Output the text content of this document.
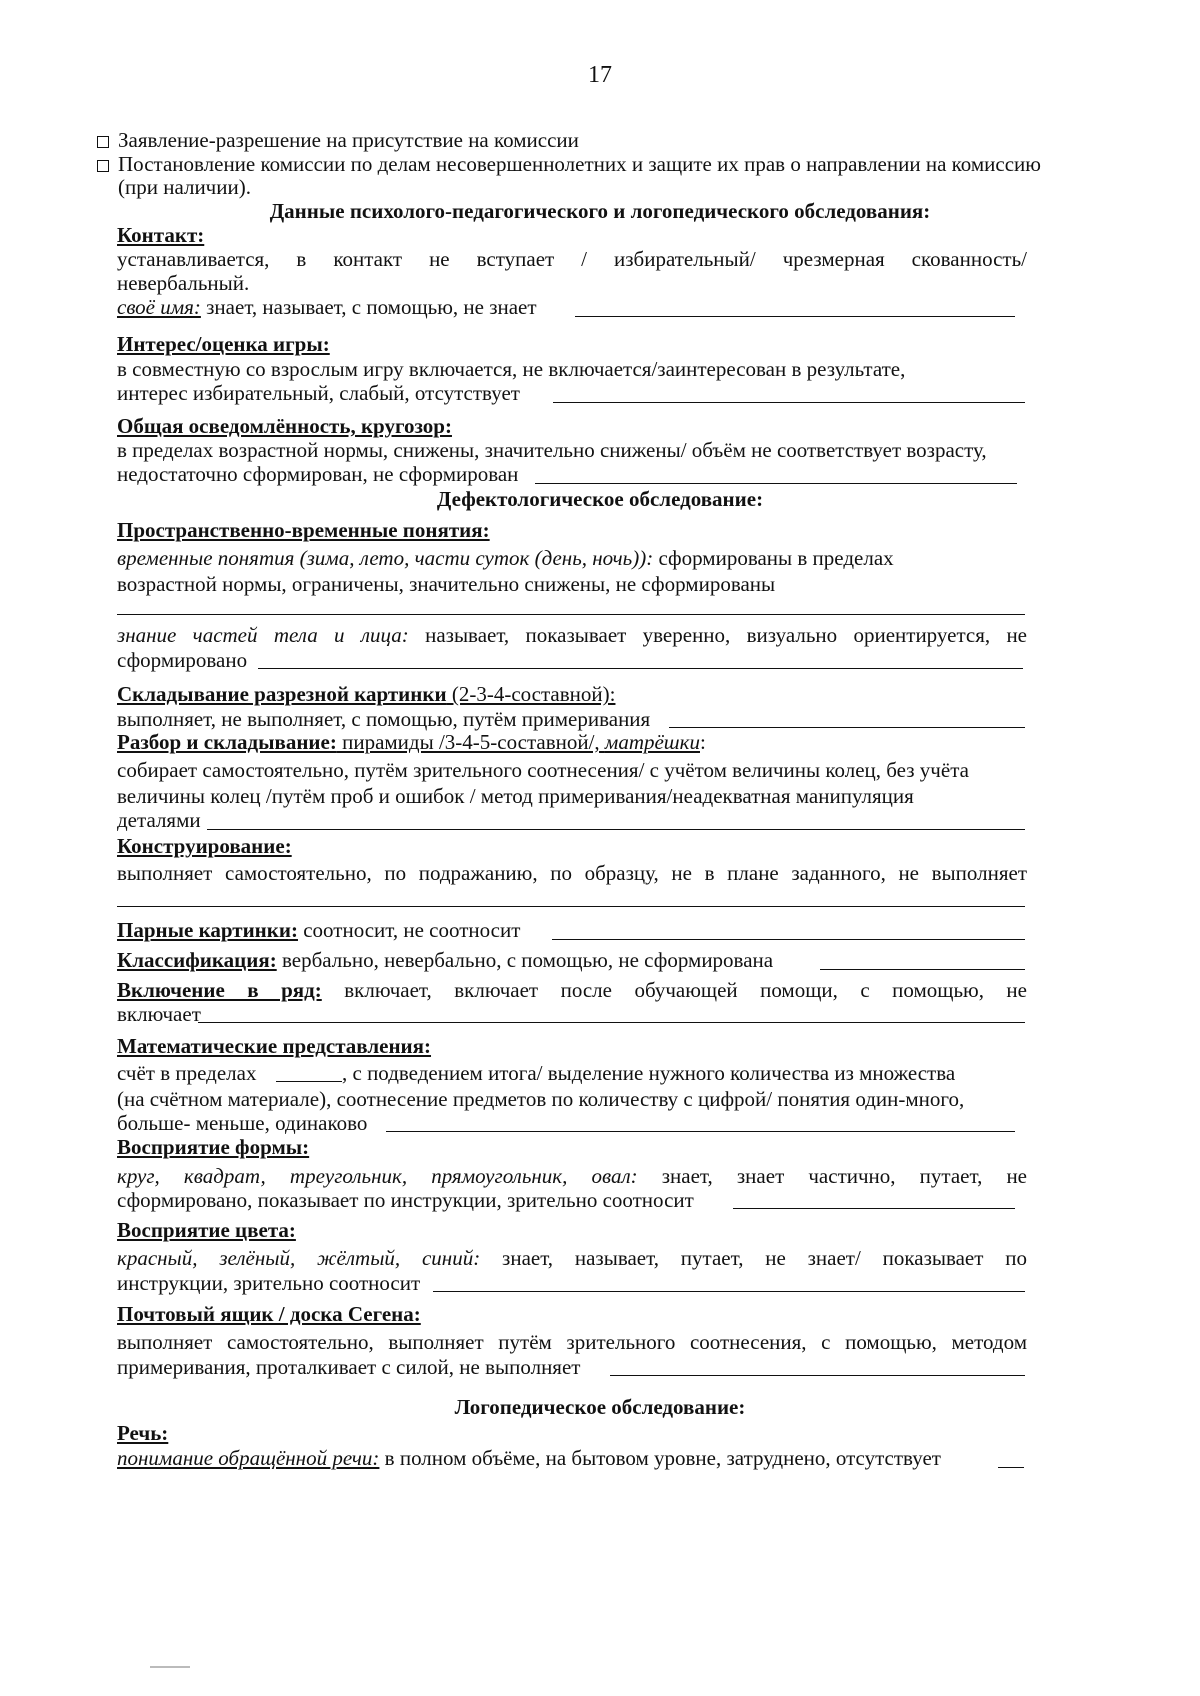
17
Заявление-разрешение на присутствие на комиссии
Постановление комиссии по делам несовершеннолетних и защите их прав о направлении на комиссию
(при наличии).
Данные психолого-педагогического и логопедического обследования:
Контакт:
устанавливается, в контакт не вступает / избирательный/ чрезмерная скованность/
невербальный.
своё имя: знает, называет, с помощью, не знает
Интерес/оценка игры:
в совместную со взрослым игру включается, не включается/заинтересован в результате,
интерес избирательный, слабый, отсутствует
Общая осведомлённость, кругозор:
в пределах возрастной нормы, снижены, значительно снижены/ объём не соответствует возрасту,
недостаточно сформирован, не сформирован
Дефектологическое обследование:
Пространственно-временные понятия:
временные понятия (зима, лето, части суток (день, ночь)): сформированы в пределах
возрастной нормы, ограничены, значительно снижены, не сформированы
знание частей тела и лица: называет, показывает уверенно, визуально ориентируется, не
сформировано
Складывание разрезной картинки (2-3-4-составной):
выполняет, не выполняет, с помощью, путём примеривания
Разбор и складывание: пирамиды /3-4-5-составной/, матрёшки:
собирает самостоятельно, путём зрительного соотнесения/ с учётом величины колец, без учёта
величины колец /путём проб и ошибок / метод примеривания/неадекватная манипуляция
деталями
Конструирование:
выполняет самостоятельно, по подражанию, по образцу, не в плане заданного, не выполняет
Парные картинки: соотносит, не соотносит
Классификация: вербально, невербально, с помощью, не сформирована
Включение в ряд: включает, включает после обучающей помощи, с помощью, не
включает
Математические представления:
счёт в пределах	, с подведением итога/ выделение нужного количества из множества
(на счётном материале), соотнесение предметов по количеству с цифрой/ понятия один-много,
больше- меньше, одинаково
Восприятие формы:
круг, квадрат, треугольник, прямоугольник, овал: знает, знает частично, путает, не
сформировано, показывает по инструкции, зрительно соотносит
Восприятие цвета:
красный, зелёный, жёлтый, синий: знает, называет, путает, не знает/ показывает по
инструкции, зрительно соотносит
Почтовый ящик / доска Сегена:
выполняет самостоятельно, выполняет путём зрительного соотнесения, с помощью, методом
примеривания, проталкивает с силой, не выполняет
Логопедическое обследование:
Речь:
понимание обращённой речи: в полном объёме, на бытовом уровне, затруднено, отсутствует
